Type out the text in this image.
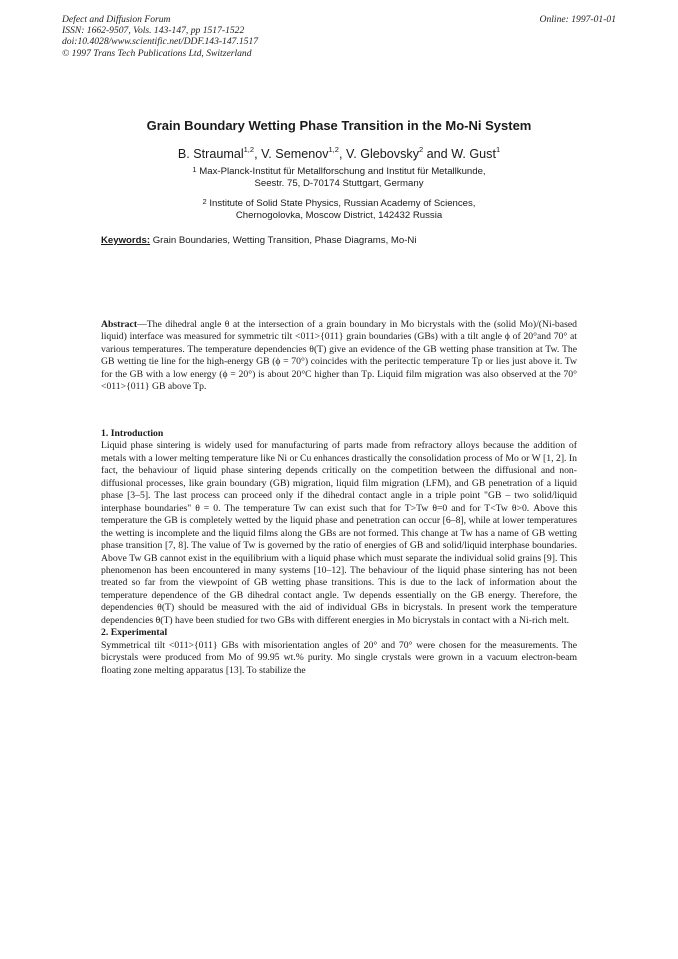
Defect and Diffusion Forum
ISSN: 1662-9507, Vols. 143-147, pp 1517-1522
doi:10.4028/www.scientific.net/DDF.143-147.1517
© 1997 Trans Tech Publications Ltd, Switzerland
Online: 1997-01-01
Grain Boundary Wetting Phase Transition in the Mo-Ni System
B. Straumal$^{1,2}$, V. Semenov$^{1,2}$, V. Glebovsky$^2$ and W. Gust$^1$
$^1$ Max-Planck-Institut für Metallforschung and Institut für Metallkunde,
Seestr. 75, D-70174 Stuttgart, Germany
$^2$ Institute of Solid State Physics, Russian Academy of Sciences,
Chernogolovka, Moscow District, 142432 Russia
Keywords: Grain Boundaries, Wetting Transition, Phase Diagrams, Mo-Ni

Abstract—The dihedral angle θ at the intersection of a grain boundary in Mo bicrystals with the (solid Mo)/(Ni-based liquid) interface was measured for symmetric tilt <011>{011} grain boundaries (GBs) with a tilt angle ϕ of 20°and 70° at various temperatures. The temperature dependencies θ(T) give an evidence of the GB wetting phase transition at Tw. The GB wetting tie line for the high-energy GB (ϕ = 70°) coincides with the peritectic temperature Tp or lies just above it. Tw for the GB with a low energy (ϕ = 20°) is about 20°C higher than Tp. Liquid film migration was also observed at the 70° <011>{011} GB above Tp.

1. Introduction

Liquid phase sintering is widely used for manufacturing of parts made from refractory alloys because the addition of metals with a lower melting temperature like Ni or Cu enhances drastically the consolidation process of Mo or W [1, 2]. In fact, the behaviour of liquid phase sintering depends critically on the competition between the diffusional and non-diffusional processes, like grain boundary (GB) migration, liquid film migration (LFM), and GB penetration of a liquid phase [3–5]. The last process can proceed only if the dihedral contact angle in a triple point "GB – two solid/liquid interphase boundaries" θ = 0. The temperature Tw can exist such that for T>Tw θ=0 and for T<Tw θ>0. Above this temperature the GB is completely wetted by the liquid phase and penetration can occur [6–8], while at lower temperatures the wetting is incomplete and the liquid films along the GBs are not formed. This change at Tw has a name of GB wetting phase transition [7, 8]. The value of Tw is governed by the ratio of energies of GB and solid/liquid interphase boundaries. Above Tw GB cannot exist in the equilibrium with a liquid phase which must separate the individual solid grains [9]. This phenomenon has been encountered in many systems [10–12]. The behaviour of the liquid phase sintering has not been treated so far from the viewpoint of GB wetting phase transitions. This is due to the lack of information about the temperature dependence of the GB dihedral contact angle. Tw depends essentially on the GB energy. Therefore, the dependencies θ(T) should be measured with the aid of individual GBs in bicrystals. In present work the temperature dependencies θ(T) have been studied for two GBs with different energies in Mo bicrystals in contact with a Ni-rich melt.

2. Experimental

Symmetrical tilt <011>{011} GBs with misorientation angles of 20° and 70° were chosen for the measurements. The bicrystals were produced from Mo of 99.95 wt.% purity. Mo single crystals were grown in a vacuum electron-beam floating zone melting apparatus [13]. To stabilize the
